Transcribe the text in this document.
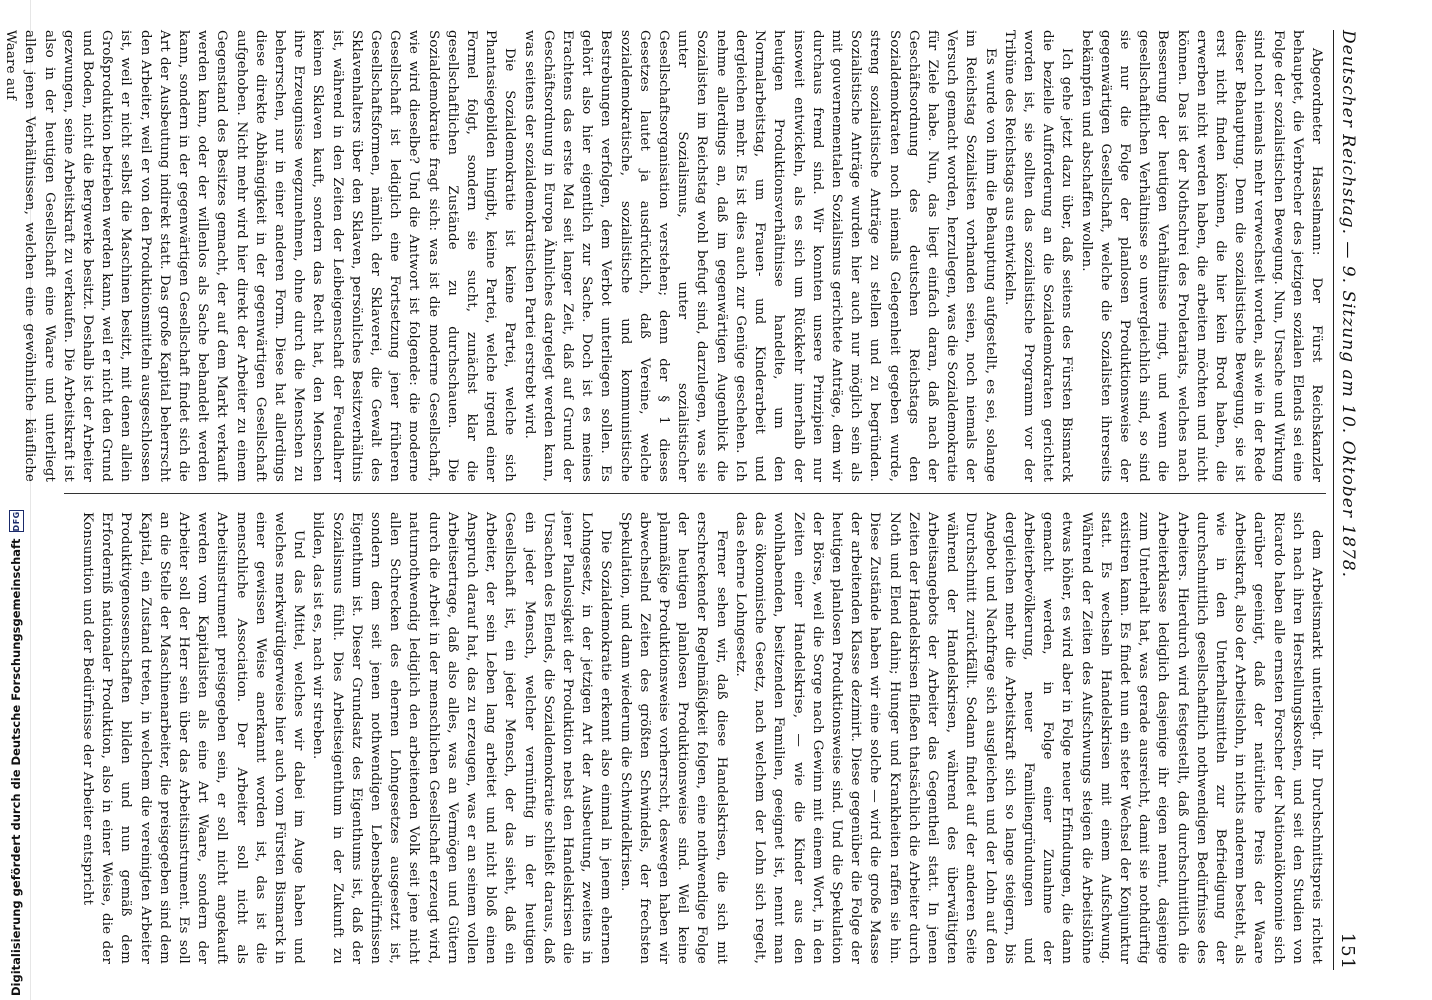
Deutscher Reichstag. — 9. Sitzung am 10. Oktober 1878.
151

Abgeordneter Hasselmann: Der Fürst Reichskanzler behauptet, die Verbrecher des jetzigen sozialen Elends sei eine Folge der sozialistischen Bewegung. Nun, Ursache und Wirkung sind noch niemals mehr verwechselt worden, als wie in der Rede dieser Behauptung. Denn die sozialistische Bewegung, sie ist erst nicht finden können, die hier kein Brod haben, die erwerben nicht werden haben, die arbeiten möchten und nicht können. Das ist der Nothschrei des Proletariats, welches nach Besserung der heutigen Verhältnisse ringt, und wenn die gesellschaftlichen Verhältnisse so unvergleichlich sind, so sind sie nur die Folge der planlosen Produktionsweise der gegenwärtigen Gesellschaft, welche die Sozialisten ihrerseits bekämpfen und abschaffen wollen.

Ich gehe jetzt dazu über, daß seitens des Fürsten Bismarck die bezielle Aufforderung an die Sozialdemokraten gerichtet worden ist, sie sollten das sozialistische Programm vor der Tribüne des Reichstags aus entwickeln.

Es wurde von ihm die Behauptung aufgestellt, es sei, solange im Reichstag Sozialisten vorhanden seien, noch niemals der Versuch gemacht worden, herzulegen, was die Sozialdemokratie für Ziele habe. Nun, das liegt einfach daran, daß nach der Geschäftsordnung des deutschen Reichstags den Sozialdemokraten noch niemals Gelegenheit gegeben wurde, streng sozialistische Anträge zu stellen und zu begründen. Sozialistische Anträge wurden hier auch nur möglich sein als mit gouvernementalen Sozialismus gerichtete Anträge, dem wir durchaus fremd sind. Wir konnten unsere Prinzipien nur insoweit entwickeln, als es sich um Rückkehr innerhalb der heutigen Produktionsverhältnisse handelte, um den Normalarbeitstag, um Frauen- und Kinderarbeit und dergleichen mehr. Es ist dies auch zur Genüge geschehen. Ich nehme allerdings an, daß im gegenwärtigen Augenblick die Sozialisten im Reichstag wohl befugt sind, darzulegen, was sie unter Sozialismus, unter sozialistischer Gesellschaftsorganisation verstehen; denn der § 1 dieses Gesetzes lautet ja ausdrücklich, daß Vereine, welche sozialdemokratische, sozialistische und kommunistische Bestrebungen verfolgen, dem Verbot unterliegen sollen. Es gehört also hier eigentlich zur Sache. Doch ist es meines Erachtens das erste Mal seit langer Zeit, daß auf Grund der Geschäftsordnung in Europa Ähnliches dargelegt werden kann, was seitens der sozialdemokratischen Partei erstrebt wird.

Die Sozialdemokratie ist keine Partei, welche sich Phantasiegebilden hingibt, keine Partei, welche irgend einer Formel folgt, sondern sie sucht, zunächst klar die gesellschaftlichen Zustände zu durchschauen. Die Sozialdemokratie fragt sich: was ist die moderne Gesellschaft, wie wird dieselbe? Und die Antwort ist folgende: die moderne Gesellschaft ist lediglich eine Fortsetzung jener früheren Gesellschaftsformen, nämlich der Sklaverei, die Gewalt des Sklavenhalters über den Sklaven, persönliches Besitzverhältnis ist, während in den Zeiten der Leibeigenschaft der Feudalherr keinen Sklaven kauft, sondern das Recht hat, den Menschen ihre Erzeugnisse wegzunehmen, ohne durch die Menschen zu beherrschen, nur in einer anderen Form. Diese hat allerdings diese direkte Abhängigkeit in der gegenwärtigen Gesellschaft aufgehoben. Nicht mehr wird hier direkt der Arbeiter zu einem Gegenstand des Besitzes gemacht, der auf dem Markt verkauft werden kann, oder der willenlos als Sache behandelt werden kann, sondern in der gegenwärtigen Gesellschaft findet sich die Art der Ausbeutung indirekt statt. Das große Kapital beherrscht den Arbeiter, weil er von den Produktionsmitteln ausgeschlossen ist, weil er nicht selbst die Maschinen besitzt, mit denen allein Großproduktion betrieben werden kann, weil er nicht den Grund und Boden, nicht die Bergwerke besitzt. Deshalb ist der Arbeiter gezwungen, seine Arbeitskraft zu verkaufen. Die Arbeitskraft ist also in der heutigen Gesellschaft eine Waare und unterliegt allen jenen Verhältnissen, welchen eine gewöhnliche käufliche Waare auf

dem Arbeitsmarkt unterliegt. Ihr Durchschnittspreis richtet sich nach ihren Herstellungskosten, und seit den Studien von Ricardo haben alle ernsten Forscher der Nationalökonomie sich darüber geeinigt, daß der natürliche Preis der Waare Arbeitskraft, also der Arbeitslohn, in nichts anderem besteht, als wie in den Unterhaltsmitteln zur Befriedigung der durchschnittlich gesellschaftlich nothwendigen Bedürfnisse des Arbeiters. Hierdurch wird festgestellt, daß durchschnittlich die Arbeiterklasse lediglich dasjenige ihr eigen nennt, dasjenige zum Unterhalt hat, was gerade ausreicht, damit sie nothdürftig existiren kann. Es findet nun ein steter Wechsel der Konjunktur statt. Es wechseln Handelskrisen mit einem Aufschwung. Während der Zeiten des Aufschwungs steigen die Arbeitslöhne etwas höher, es wird aber in Folge neuer Erfindungen, die dann gemacht werden, in Folge einer Zunahme der Arbeiterbevölkerung, neuer Familiengründungen und dergleichen mehr die Arbeitskraft sich so lange steigern, bis Angebot und Nachfrage sich ausgleichen und der Lohn auf den Durchschnitt zurückfällt. Sodann findet auf der anderen Seite während der Handelskrisen, während des überwältigten Arbeitsangebots der Arbeiter das Gegentheil statt. In jenen Zeiten der Handelskrisen fließen thatsächlich die Arbeiter durch Noth und Elend dahin; Hunger und Krankheiten raffen sie hin. Diese Zustände haben wir eine solche — wird die große Masse der arbeitenden Klasse dezimirt. Diese gegenüber die Folge der heutigen planlosen Produktionsweise sind. Und die Spekulation der Börse, weil die Sorge nach Gewinn mit einem Wort, in den Zeiten einer Handelskrise, — wie die Kinder aus den wohlhabenden, besitzenden Familien, geeignet ist, nennt man das ökonomische Gesetz, nach welchem der Lohn sich regelt, das eherne Lohngesetz.

Ferner sehen wir, daß diese Handelskrisen, die sich mit erschreckender Regelmäßigkeit folgen, eine nothwendige Folge der heutigen planlosen Produktionsweise sind. Weil keine planmäßige Produktionsweise vorherrscht, deswegen haben wir abwechselnd Zeiten des größten Schwindels, der frechsten Spekulation, und dann wiederum die Schwindelkrisen.

Die Sozialdemokratie erkennt also einmal in jenem ehernen Lohngesetz, in der jetzigen Art der Ausbeutung, zweitens in jener Planlosigkeit der Produktion nebst den Handelskrisen die Ursachen des Elends, die Sozialdemokratie schließt daraus, daß ein jeder Mensch, welcher vernünftig in der heutigen Gesellschaft ist, ein jeder Mensch, der das sieht, daß ein Arbeiter, der sein Leben lang arbeitet und nicht bloß einen Anspruch darauf hat, das zu erzeugen, was er an seinem vollen Arbeitsertrage, daß also alles, was an Vermögen und Gütern durch die Arbeit in der menschlichen Gesellschaft erzeugt wird, naturnothwendig lediglich den arbeitenden Volk seit jene nicht allen Schrecken des ehernen Lohngesetzes ausgesetzt ist, sondern dem seit jenen nothwendigen Lebensbedürfnissen Eigenthum ist. Dieser Grundsatz des Eigenthums ist, daß der Sozialismus fühlt. Dies Arbeitseigenthum in der Zukunft zu bilden, das ist es, nach wir streben.

Und das Mittel, welches wir dabei im Auge haben und welches merkwürdigerweise hier auch vom Fürsten Bismarck in einer gewissen Weise anerkannt worden ist, das ist die menschliche Association. Der Arbeiter soll nicht als Arbeitsinstrument preisgegeben sein, er soll nicht angekauft werden vom Kapitalisten als eine Art Waare, sondern der Arbeiter soll der Herr sein über das Arbeitsinstrument. Es soll an die Stelle der Maschinenarbeiter, die preisgegeben sind dem Kapital, ein Zustand treten, in welchem die vereinigten Arbeiter Produktivgenossenschaften bilden und nun gemäß dem Erforderniß nationaler Produktion, also in einer Weise, die der Konsumtion und der Bedürfnisse der Arbeiter entspricht

Digitalisierung gefördert durch die Deutsche Forschungsgemeinschaft
DFG
